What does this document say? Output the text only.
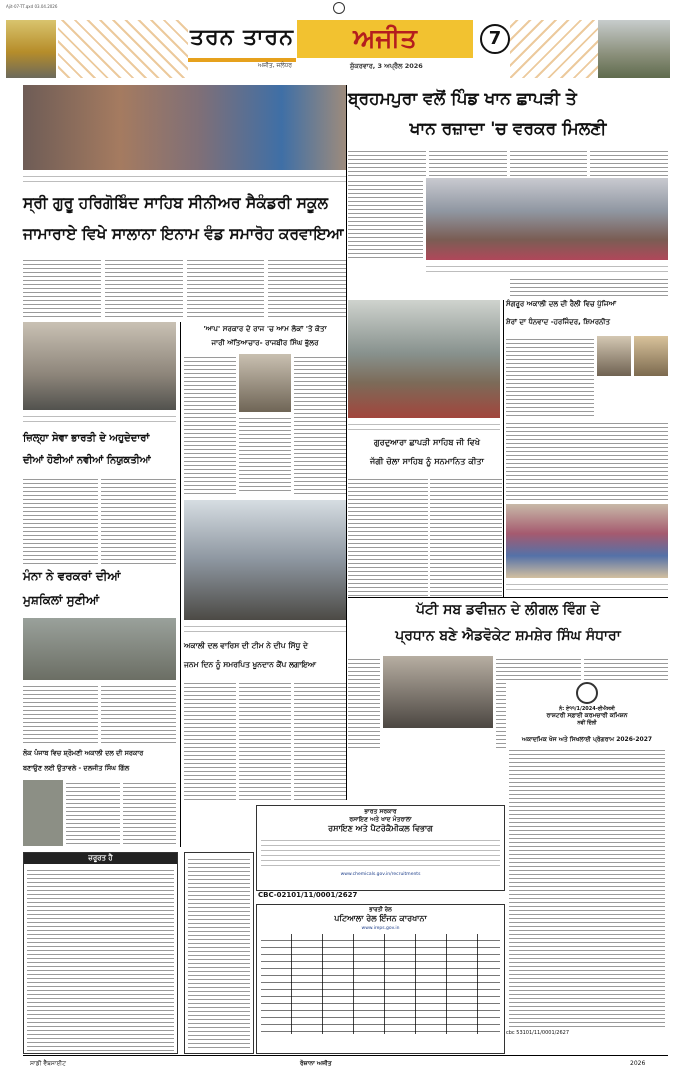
Ajit-07-TT.qxd 03.04.2026
ਤਰਨ ਤਾਰਨ	ਅਜੀਤ
ਅਜੀਤ, ਜਲੰਧਰ	ਸ਼ੁੱਕਰਵਾਰ, 3 ਅਪ੍ਰੈਲ 2026
7
ਸ੍ਰੀ ਗੁਰੂ ਹਰਿਗੋਬਿੰਦ ਸਾਹਿਬ ਸੀਨੀਅਰ ਸੈਕੰਡਰੀ ਸਕੂਲ
ਜਾਮਾਰਾਏ ਵਿਖੇ ਸਾਲਾਨਾ ਇਨਾਮ ਵੰਡ ਸਮਾਰੋਹ ਕਰਵਾਇਆ
ਜ਼ਿਲ੍ਹਾ ਸੇਵਾ ਭਾਰਤੀ ਦੇ ਅਹੁਦੇਦਾਰਾਂ
ਦੀਆਂ ਹੋਈਆਂ ਨਵੀਆਂ ਨਿਯੁਕਤੀਆਂ
ਮੰਨਾ ਨੇ ਵਰਕਰਾਂ ਦੀਆਂ
ਮੁਸ਼ਕਿਲਾਂ ਸੁਣੀਆਂ
ਲੋਕ ਪੰਜਾਬ ਵਿਚ ਸ਼੍ਰੋਮਣੀ ਅਕਾਲੀ ਦਲ ਦੀ ਸਰਕਾਰ
ਬਣਾਉਣ ਲਈ ਉਤਾਵਲੇ - ਦਲਜੀਤ ਸਿੰਘ ਗਿੱਲ
ਜ਼ਰੂਰਤ ਹੈ
'ਆਪ' ਸਰਕਾਰ ਦੇ ਰਾਜ 'ਚ ਆਮ ਲੋਕਾਂ 'ਤੇ ਕੋਤਾ
ਜਾਰੀ ਅੱਤਿਆਚਾਰ- ਰਾਜਬੀਰ ਸਿੰਘ ਭੁੱਲਰ
ਅਕਾਲੀ ਦਲ ਵਾਰਿਸ ਦੀ ਟੀਮ ਨੇ ਦੀਪ ਸਿੱਧੂ ਦੇ
ਜਨਮ ਦਿਨ ਨੂੰ ਸਮਰਪਿਤ ਖੂਨਦਾਨ ਕੈਂਪ ਲਗਾਇਆ
ਭਾਰਤ ਸਰਕਾਰ
ਰਸਾਇਣ ਅਤੇ ਖਾਦ ਮੰਤਰਾਲਾ
ਰਸਾਇਣ ਅਤੇ ਪੈਟਰੋਕੈਮੀਕਲ ਵਿਭਾਗ
www.chemicals.gov.in/recruitments
CBC-02101/11/0001/2627
ਭਾਰਤੀ ਰੇਲ
ਪਟਿਆਲਾ ਰੇਲ ਇੰਜਨ ਕਾਰਖਾਨਾ
www.ireps.gov.in
ਬ੍ਰਹਮਪੁਰਾ ਵਲੋਂ ਪਿੰਡ ਖਾਨ ਛਾਪੜੀ ਤੇ
ਖਾਨ ਰਜ਼ਾਦਾ 'ਚ ਵਰਕਰ ਮਿਲਣੀ
ਗੁਰਦੁਆਰਾ ਛਾਪੜੀ ਸਾਹਿਬ ਜੀ ਵਿਖੇ
ਜੱਗੀ ਚੋਲਾ ਸਾਹਿਬ ਨੂੰ ਸਨਮਾਨਿਤ ਕੀਤਾ
ਸੰਗਰੂਰ ਅਕਾਲੀ ਦਲ ਦੀ ਰੈਲੀ ਵਿਚ ਪੁੱਜਿਆਂ
ਸ਼ੇਰਾਂ ਦਾ ਧੰਨਵਾਦ -ਹਰਜਿੰਦਰ, ਸ਼ਿਮਰਨੀਤ
ਪੱਟੀ ਸਬ ਡਵੀਜ਼ਨ ਦੇ ਲੀਗਲ ਵਿੰਗ ਦੇ
ਪ੍ਰਧਾਨ ਬਣੇ ਐਡਵੋਕੇਟ ਸ਼ਮਸ਼ੇਰ ਸਿੰਘ ਸੰਧਾਰਾ
ਨੰ: ਏ੧੧/1/2024-ਈਐਸਸੀ
ਰਾਸ਼ਟਰੀ ਸਫ਼ਾਈ ਕਰਮਚਾਰੀ ਕਮਿਸ਼ਨ
ਨਵੀਂ ਦਿੱਲੀ
ਅਕਾਦਮਿਕ ਖੋਜ ਅਤੇ ਸਿਖਲਾਈ ਪ੍ਰੋਗਰਾਮ 2026-2027
cbc 53101/11/0001/2627
ਸਾਡੀ ਵੈੱਬਸਾਈਟ	ਰੋਜ਼ਾਨਾ ਅਜੀਤ	2026
